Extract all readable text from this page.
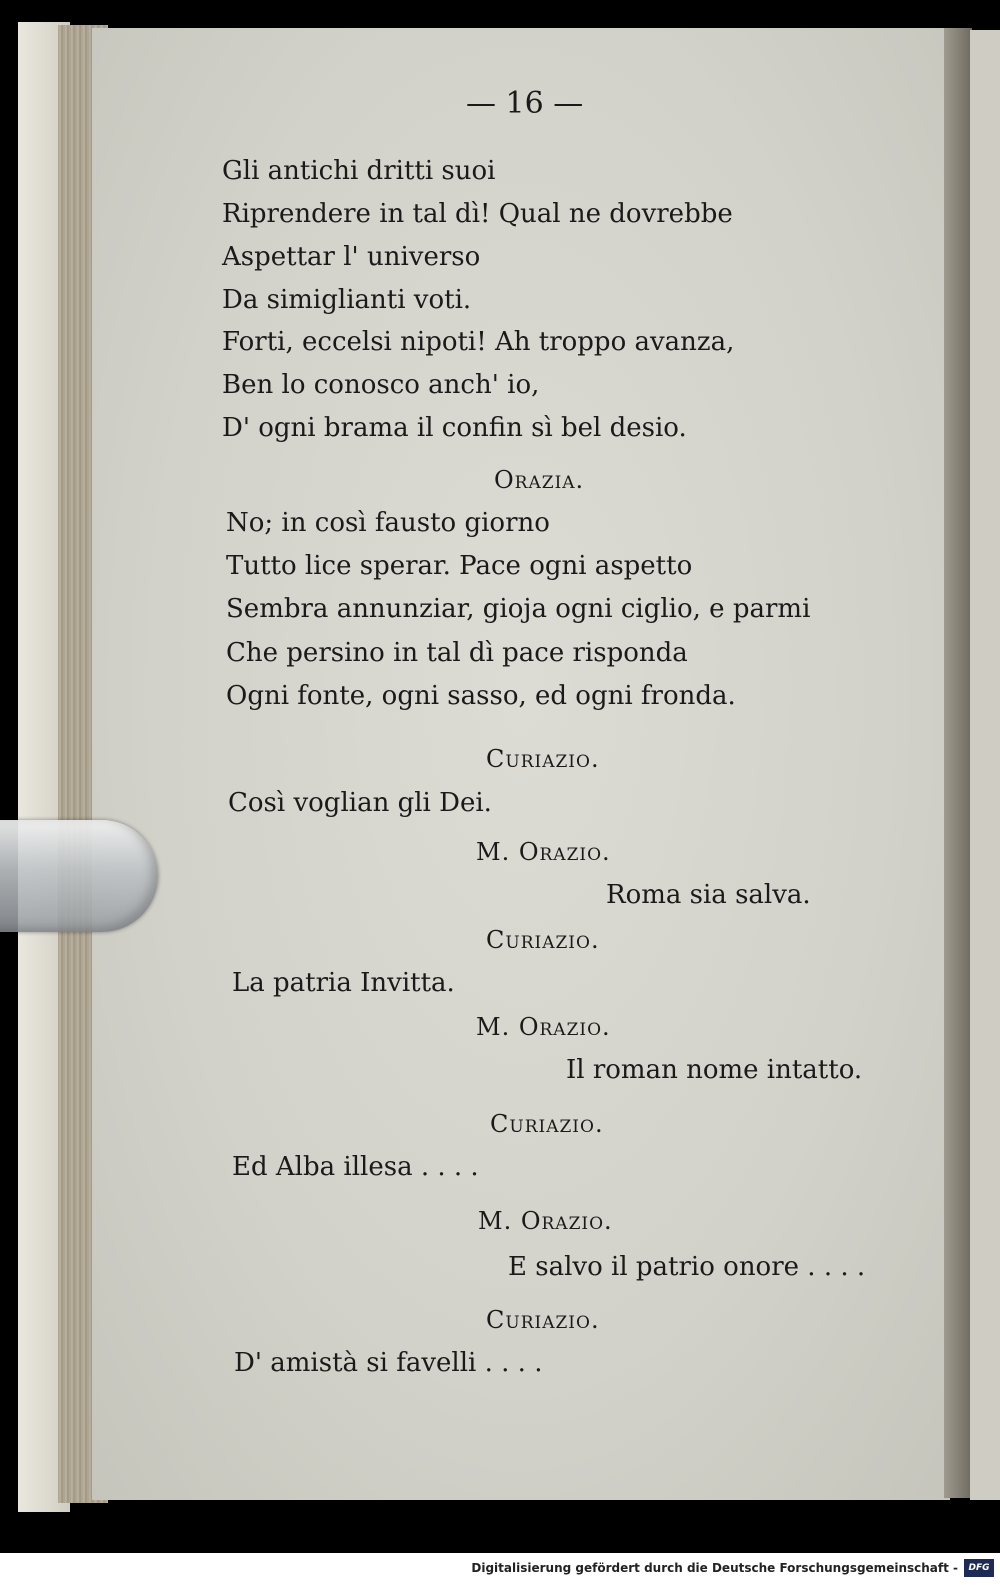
— 16 —
Gli antichi dritti suoi
Riprendere in tal dì! Qual ne dovrebbe
Aspettar l' universo
Da simiglianti voti.
Forti, eccelsi nipoti! Ah troppo avanza,
Ben lo conosco anch' io,
D' ogni brama il confin sì bel desio.
Orazia.
No; in così fausto giorno
Tutto lice sperar. Pace ogni aspetto
Sembra annunziar, gioja ogni ciglio, e parmi
Che persino in tal dì pace risponda
Ogni fonte, ogni sasso, ed ogni fronda.
Curiazio.
Così voglian gli Dei.
M. Orazio.
Roma sia salva.
Curiazio.
La patria Invitta.
M. Orazio.
Il roman nome intatto.
Curiazio.
Ed Alba illesa . . . .
M. Orazio.
E salvo il patrio onore . . . .
Curiazio.
D' amistà si favelli . . . .
Digitalisierung gefördert durch die Deutsche Forschungsgemeinschaft -	DFG
